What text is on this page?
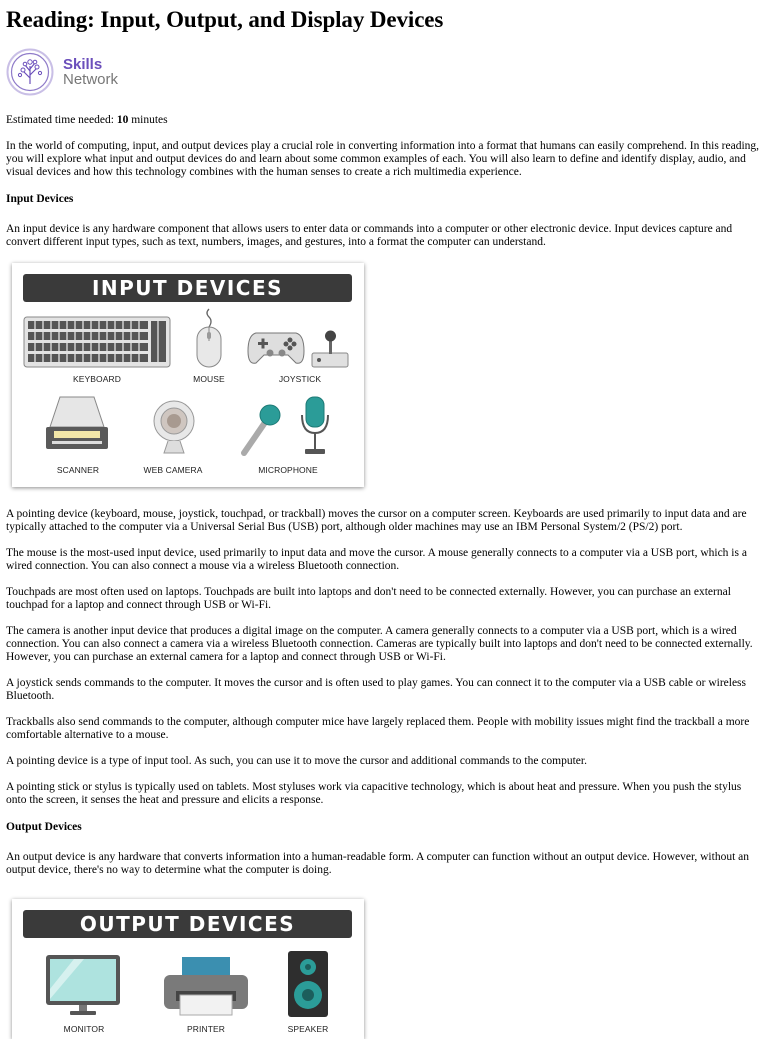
Reading: Input, Output, and Display Devices
Skills
Network

Estimated time needed: 10 minutes

In the world of computing, input, and output devices play a crucial role in converting information into a format that humans can easily comprehend. In this reading, you will explore what input and output devices do and learn about some common examples of each. You will also learn to define and identify display, audio, and visual devices and how this technology combines with the human senses to create a rich multimedia experience.

Input Devices

An input device is any hardware component that allows users to enter data or commands into a computer or other electronic device. Input devices capture and convert different input types, such as text, numbers, images, and gestures, into a format the computer can understand.

INPUT DEVICES
KEYBOARD	MOUSE	JOYSTICK
SCANNER	WEB CAMERA	MICROPHONE

A pointing device (keyboard, mouse, joystick, touchpad, or trackball) moves the cursor on a computer screen. Keyboards are used primarily to input data and are typically attached to the computer via a Universal Serial Bus (USB) port, although older machines may use an IBM Personal System/2 (PS/2) port.

The mouse is the most-used input device, used primarily to input data and move the cursor. A mouse generally connects to a computer via a USB port, which is a wired connection. You can also connect a mouse via a wireless Bluetooth connection.

Touchpads are most often used on laptops. Touchpads are built into laptops and don't need to be connected externally. However, you can purchase an external touchpad for a laptop and connect through USB or Wi-Fi.

The camera is another input device that produces a digital image on the computer. A camera generally connects to a computer via a USB port, which is a wired connection. You can also connect a camera via a wireless Bluetooth connection. Cameras are typically built into laptops and don't need to be connected externally. However, you can purchase an external camera for a laptop and connect through USB or Wi-Fi.

A joystick sends commands to the computer. It moves the cursor and is often used to play games. You can connect it to the computer via a USB cable or wireless Bluetooth.

Trackballs also send commands to the computer, although computer mice have largely replaced them. People with mobility issues might find the trackball a more comfortable alternative to a mouse.

A pointing device is a type of input tool. As such, you can use it to move the cursor and additional commands to the computer.

A pointing stick or stylus is typically used on tablets. Most styluses work via capacitive technology, which is about heat and pressure. When you push the stylus onto the screen, it senses the heat and pressure and elicits a response.

Output Devices

An output device is any hardware that converts information into a human-readable form. A computer can function without an output device. However, without an output device, there's no way to determine what the computer is doing.

OUTPUT DEVICES
MONITOR	PRINTER	SPEAKER
